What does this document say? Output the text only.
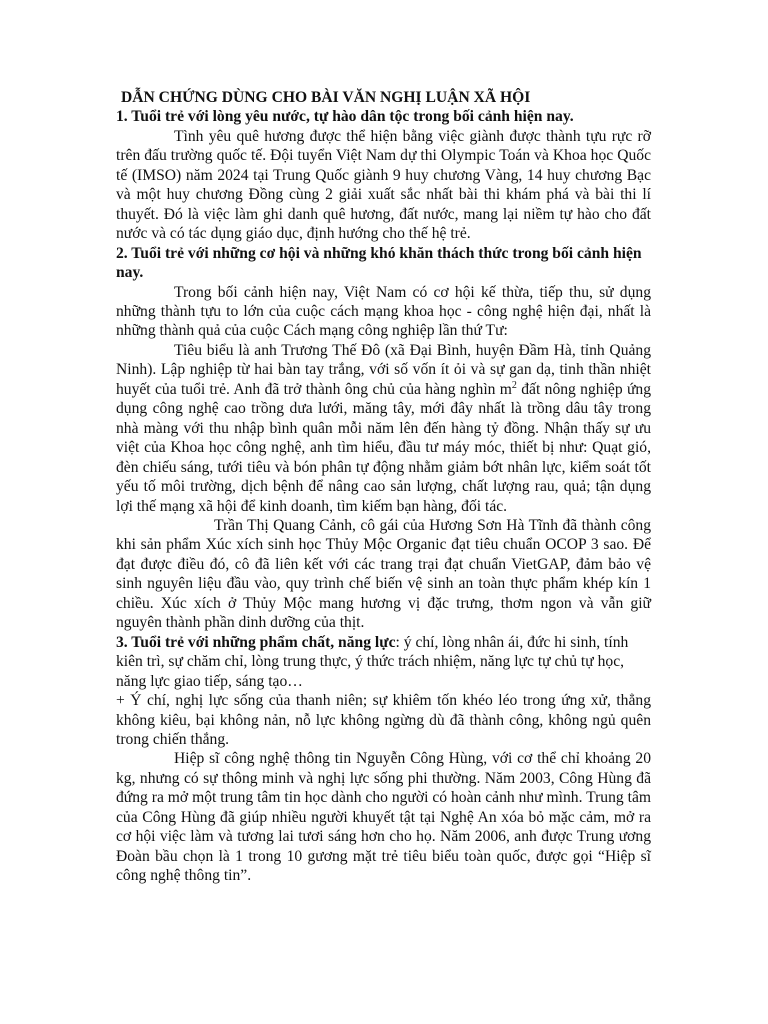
DẪN CHỨNG DÙNG CHO BÀI VĂN NGHỊ LUẬN XÃ HỘI
1. Tuổi trẻ với lòng yêu nước, tự hào dân tộc trong bối cảnh hiện nay.

Tình yêu quê hương được thể hiện bằng việc giành được thành tựu rực rỡ trên đấu trường quốc tế. Đội tuyển Việt Nam dự thi Olympic Toán và Khoa học Quốc tế (IMSO) năm 2024 tại Trung Quốc giành 9 huy chương Vàng, 14 huy chương Bạc và một huy chương Đồng cùng 2 giải xuất sắc nhất bài thi khám phá và bài thi lí thuyết. Đó là việc làm ghi danh quê hương, đất nước, mang lại niềm tự hào cho đất nước và có tác dụng giáo dục, định hướng cho thế hệ trẻ.

2. Tuổi trẻ với những cơ hội và những khó khăn thách thức trong bối cảnh hiện nay.

Trong bối cảnh hiện nay, Việt Nam có cơ hội kế thừa, tiếp thu, sử dụng những thành tựu to lớn của cuộc cách mạng khoa học - công nghệ hiện đại, nhất là những thành quả của cuộc Cách mạng công nghiệp lần thứ Tư:

Tiêu biểu là anh Trương Thế Đô (xã Đại Bình, huyện Đầm Hà, tỉnh Quảng Ninh). Lập nghiệp từ hai bàn tay trắng, với số vốn ít ỏi và sự gan dạ, tinh thần nhiệt huyết của tuổi trẻ. Anh đã trở thành ông chủ của hàng nghìn $m^2$ đất nông nghiệp ứng dụng công nghệ cao trồng dưa lưới, măng tây, mới đây nhất là trồng dâu tây trong nhà màng với thu nhập bình quân mỗi năm lên đến hàng tỷ đồng. Nhận thấy sự ưu việt của Khoa học công nghệ, anh tìm hiểu, đầu tư máy móc, thiết bị như: Quạt gió, đèn chiếu sáng, tưới tiêu và bón phân tự động nhằm giảm bớt nhân lực, kiểm soát tốt yếu tố môi trường, dịch bệnh để nâng cao sản lượng, chất lượng rau, quả; tận dụng lợi thế mạng xã hội để kinh doanh, tìm kiếm bạn hàng, đối tác.

Trần Thị Quang Cảnh, cô gái của Hương Sơn Hà Tĩnh đã thành công khi sản phẩm Xúc xích sinh học Thủy Mộc Organic đạt tiêu chuẩn OCOP 3 sao. Để đạt được điều đó, cô đã liên kết với các trang trại đạt chuẩn VietGAP, đảm bảo vệ sinh nguyên liệu đầu vào, quy trình chế biến vệ sinh an toàn thực phẩm khép kín 1 chiều. Xúc xích ở Thủy Mộc mang hương vị đặc trưng, thơm ngon và vẫn giữ nguyên thành phần dinh dưỡng của thịt.

3. Tuổi trẻ với những phẩm chất, năng lực: ý chí, lòng nhân ái, đức hi sinh, tính kiên trì, sự chăm chỉ, lòng trung thực, ý thức trách nhiệm, năng lực tự chủ tự học, năng lực giao tiếp, sáng tạo…

+ Ý chí, nghị lực sống của thanh niên; sự khiêm tốn khéo léo trong ứng xử, thẳng không kiêu, bại không nản, nỗ lực không ngừng dù đã thành công, không ngủ quên trong chiến thắng.

Hiệp sĩ công nghệ thông tin Nguyễn Công Hùng, với cơ thể chỉ khoảng 20 kg, nhưng có sự thông minh và nghị lực sống phi thường. Năm 2003, Công Hùng đã đứng ra mở một trung tâm tin học dành cho người có hoàn cảnh như mình. Trung tâm của Công Hùng đã giúp nhiều người khuyết tật tại Nghệ An xóa bỏ mặc cảm, mở ra cơ hội việc làm và tương lai tươi sáng hơn cho họ. Năm 2006, anh được Trung ương Đoàn bầu chọn là 1 trong 10 gương mặt trẻ tiêu biểu toàn quốc, được gọi “Hiệp sĩ công nghệ thông tin”.
